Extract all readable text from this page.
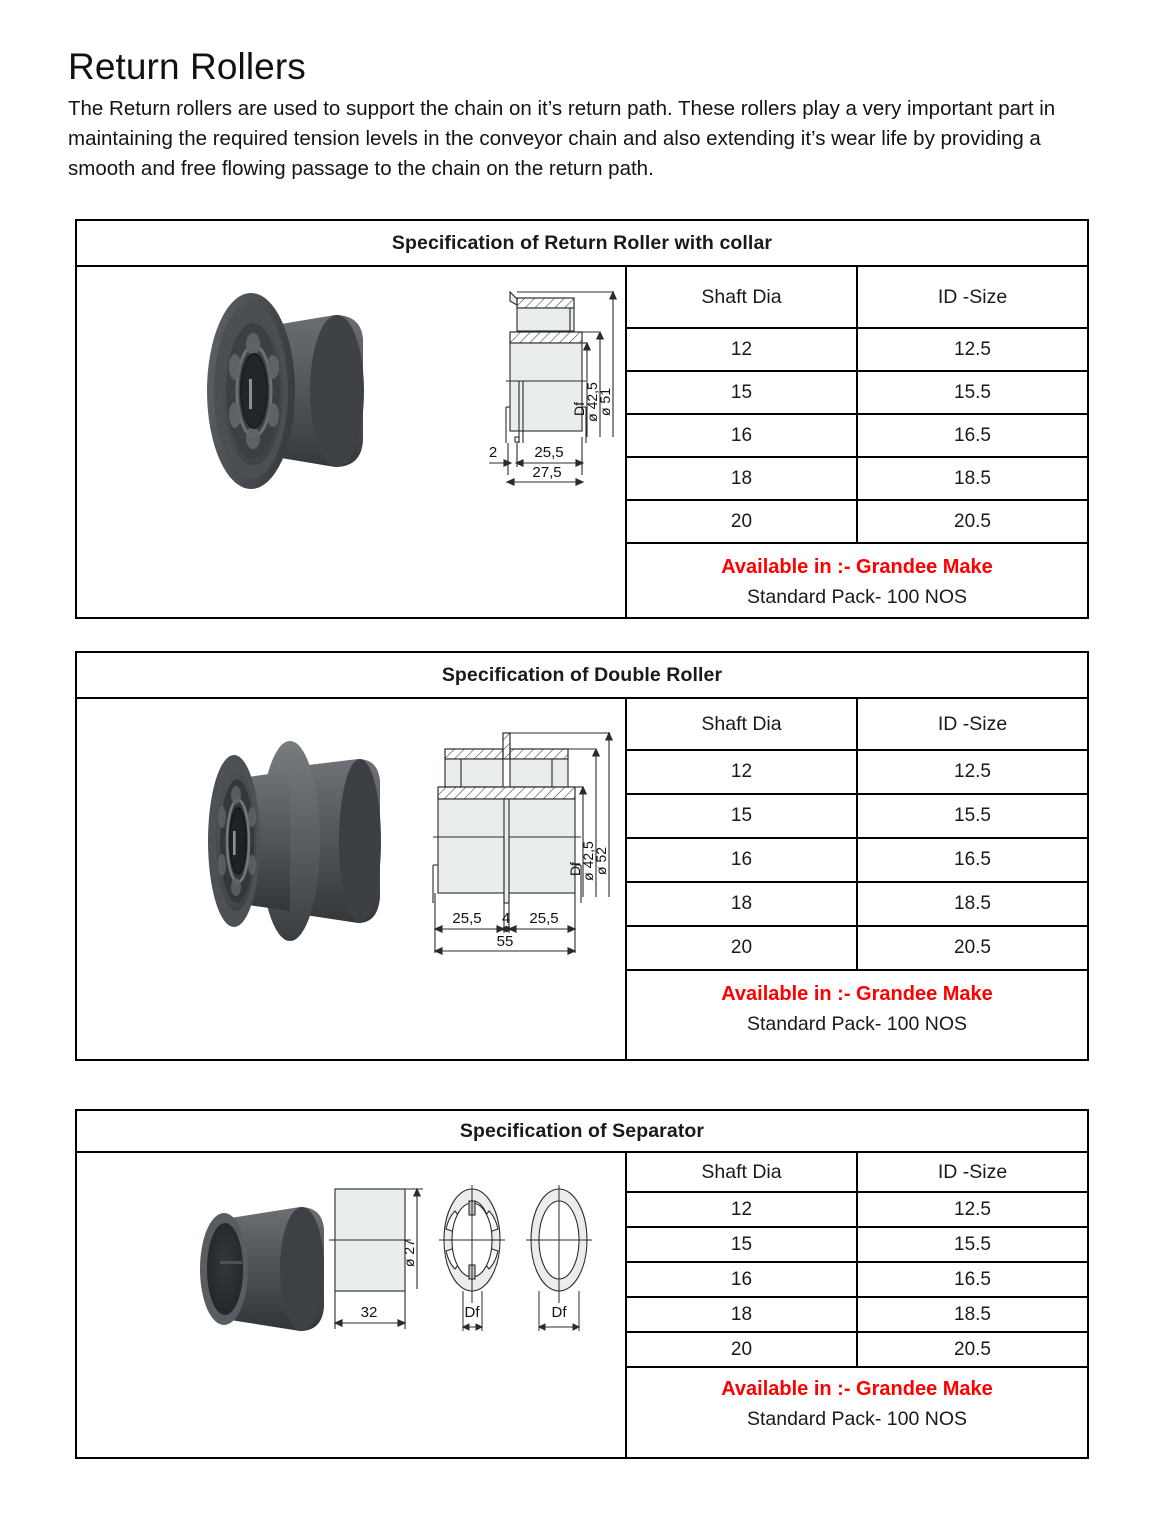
Return Rollers

The Return rollers are used to support the chain on it’s return path. These rollers play a very important part in maintaining the required tension levels in the conveyor chain and also extending it’s wear life by providing a smooth and free flowing passage to the chain on the return path.

Specification of Return Roller with collar
Df
ø 42,5
ø 51
2 25,5
27,5
Shaft Dia	ID -Size
12	12.5
15	15.5
16	16.5
18	18.5
20	20.5
Available in :- Grandee Make
Standard Pack- 100 NOS
Specification of Double Roller
Df
ø 42,5
ø 52
25,5 4 25,5
55
Shaft Dia	ID -Size
12	12.5
15	15.5
16	16.5
18	18.5
20	20.5
Available in :- Grandee Make
Standard Pack- 100 NOS
Specification of Separator
32
ø 27
Df	Df
Shaft Dia	ID -Size
12	12.5
15	15.5
16	16.5
18	18.5
20	20.5
Available in :- Grandee Make
Standard Pack- 100 NOS
